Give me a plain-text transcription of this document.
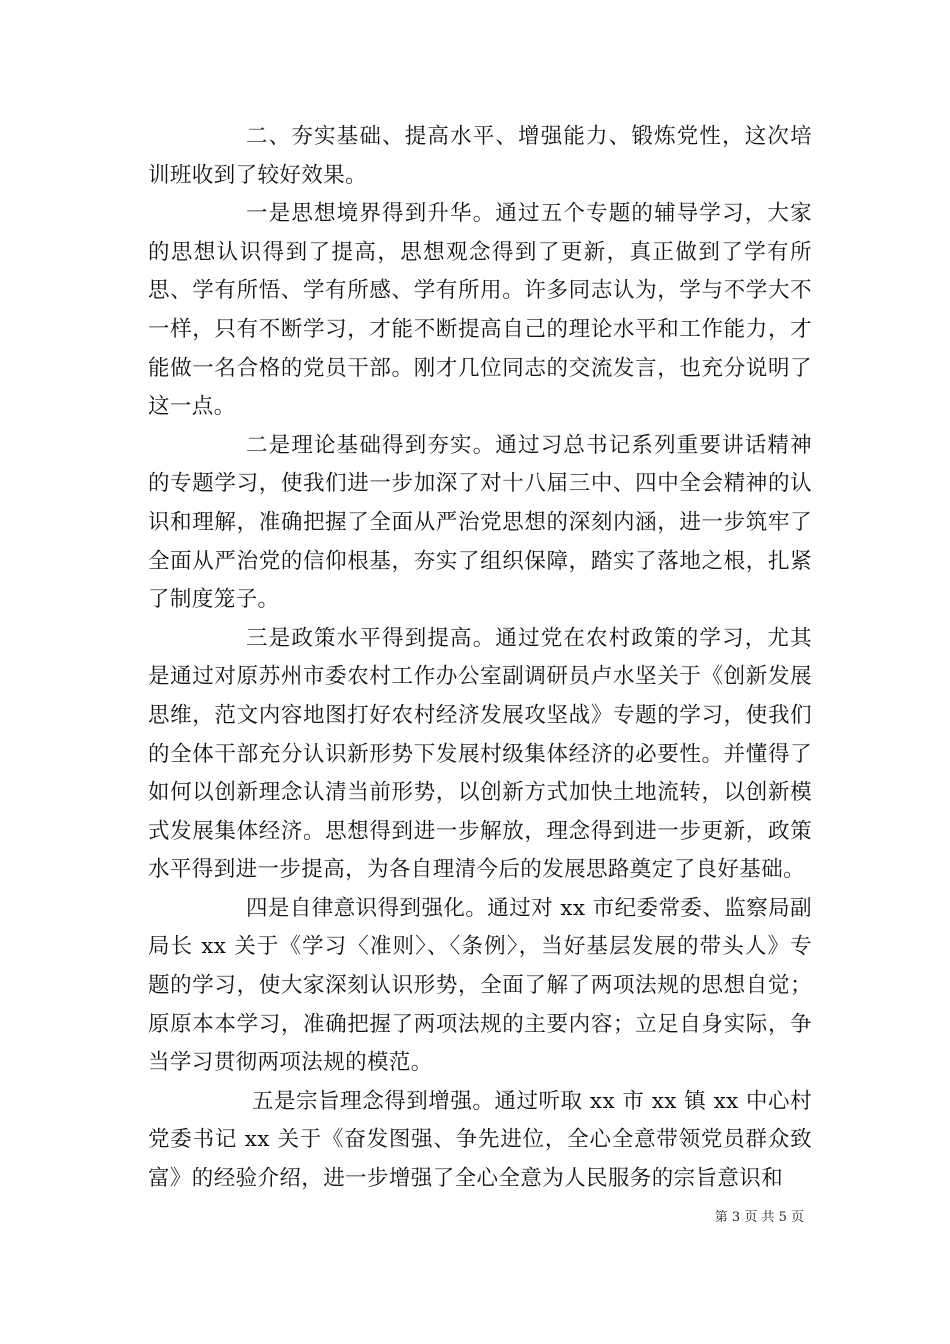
二、夯实基础、提高水平、增强能力、锻炼党性，这次培训班收到了较好效果。

一是思想境界得到升华。通过五个专题的辅导学习，大家的思想认识得到了提高，思想观念得到了更新，真正做到了学有所思、学有所悟、学有所感、学有所用。许多同志认为，学与不学大不一样，只有不断学习，才能不断提高自己的理论水平和工作能力，才能做一名合格的党员干部。刚才几位同志的交流发言，也充分说明了这一点。

二是理论基础得到夯实。通过习总书记系列重要讲话精神的专题学习，使我们进一步加深了对十八届三中、四中全会精神的认识和理解，准确把握了全面从严治党思想的深刻内涵，进一步筑牢了全面从严治党的信仰根基，夯实了组织保障，踏实了落地之根，扎紧了制度笼子。

三是政策水平得到提高。通过党在农村政策的学习，尤其是通过对原苏州市委农村工作办公室副调研员卢水坚关于《创新发展思维，范文内容地图打好农村经济发展攻坚战》专题的学习，使我们的全体干部充分认识新形势下发展村级集体经济的必要性。并懂得了如何以创新理念认清当前形势，以创新方式加快土地流转，以创新模式发展集体经济。思想得到进一步解放，理念得到进一步更新，政策水平得到进一步提高，为各自理清今后的发展思路奠定了良好基础。

四是自律意识得到强化。通过对 xx 市纪委常委、监察局副局长 xx 关于《学习〈准则〉、〈条例〉，当好基层发展的带头人》专题的学习，使大家深刻认识形势，全面了解了两项法规的思想自觉；原原本本学习，准确把握了两项法规的主要内容；立足自身实际，争当学习贯彻两项法规的模范。

五是宗旨理念得到增强。通过听取 xx 市 xx 镇 xx 中心村党委书记 xx 关于《奋发图强、争先进位，全心全意带领党员群众致富》的经验介绍，进一步增强了全心全意为人民服务的宗旨意识和

第 3 页 共 5 页
